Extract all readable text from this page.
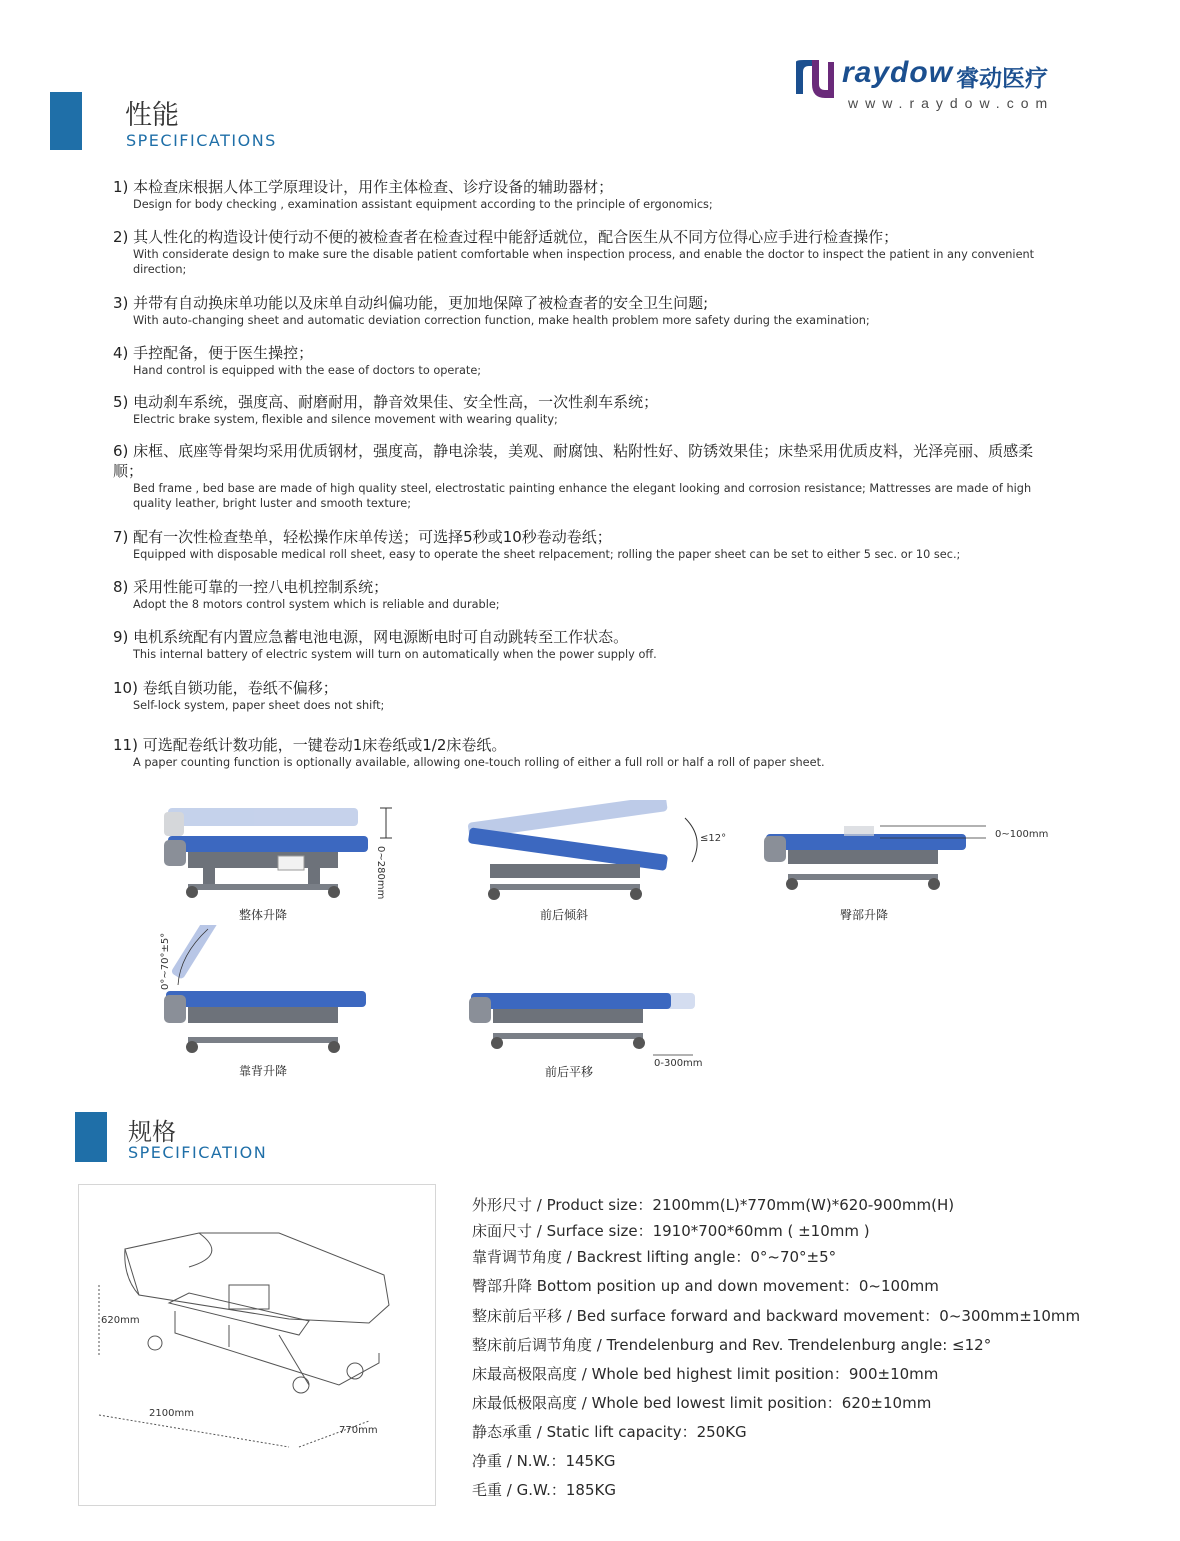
raydow 睿动医疗
www.raydow.com
性能
SPECIFICATIONS
1) 本检查床根据人体工学原理设计，用作主体检查、诊疗设备的辅助器材；
Design for body checking , examination assistant equipment according to the principle of ergonomics;
2) 其人性化的构造设计使行动不便的被检查者在检查过程中能舒适就位，配合医生从不同方位得心应手进行检查操作；
With considerate design to make sure the disable patient comfortable when inspection process, and enable the doctor to inspect the patient in any convenient direction;
3) 并带有自动换床单功能以及床单自动纠偏功能，更加地保障了被检查者的安全卫生问题;
With auto-changing sheet and automatic deviation correction function, make health problem more safety during the examination;
4) 手控配备，便于医生操控；
Hand control is equipped with the ease of doctors to operate;
5) 电动刹车系统，强度高、耐磨耐用，静音效果佳、安全性高，一次性刹车系统；
Electric brake system, flexible and silence movement with wearing quality;
6) 床框、底座等骨架均采用优质钢材，强度高，静电涂装，美观、耐腐蚀、粘附性好、防锈效果佳；床垫采用优质皮料，光泽亮丽、质感柔顺；
Bed frame , bed base are made of high quality steel, electrostatic painting enhance the elegant looking and corrosion resistance; Mattresses are made of high quality leather, bright luster and smooth texture;
7) 配有一次性检查垫单，轻松操作床单传送；可选择5秒或10秒卷动卷纸；
Equipped with disposable medical roll sheet, easy to operate the sheet relpacement; rolling the paper sheet can be set to either 5 sec. or 10 sec.;
8) 采用性能可靠的一控八电机控制系统；
Adopt the 8 motors control system which is reliable and durable;
9) 电机系统配有内置应急蓄电池电源，网电源断电时可自动跳转至工作状态。
This internal battery of electric system will turn on automatically when the power supply off.
10) 卷纸自锁功能，卷纸不偏移；
Self-lock system, paper sheet does not shift;
11) 可选配卷纸计数功能，一键卷动1床卷纸或1/2床卷纸。
A paper counting function is optionally available, allowing one-touch rolling of either a full roll or half a roll of paper sheet.
0~280mm
整体升降
≤12°
前后倾斜
0~100mm
臀部升降
0°~70°±5°
靠背升降
0-300mm
前后平移
规格
SPECIFICATION
620mm
2100mm
770mm
外形尺寸 / Product size：2100mm(L)*770mm(W)*620-900mm(H)
床面尺寸 / Surface size：1910*700*60mm ( ±10mm )
靠背调节角度 / Backrest lifting angle：0°~70°±5°
臀部升降 Bottom position up and down movement：0~100mm
整床前后平移 / Bed surface forward and backward movement：0~300mm±10mm
整床前后调节角度 / Trendelenburg and Rev. Trendelenburg angle: ≤12°
床最高极限高度 / Whole bed highest limit position：900±10mm
床最低极限高度 / Whole bed lowest limit position：620±10mm
静态承重 / Static lift capacity：250KG
净重 / N.W.：145KG
毛重 / G.W.：185KG
